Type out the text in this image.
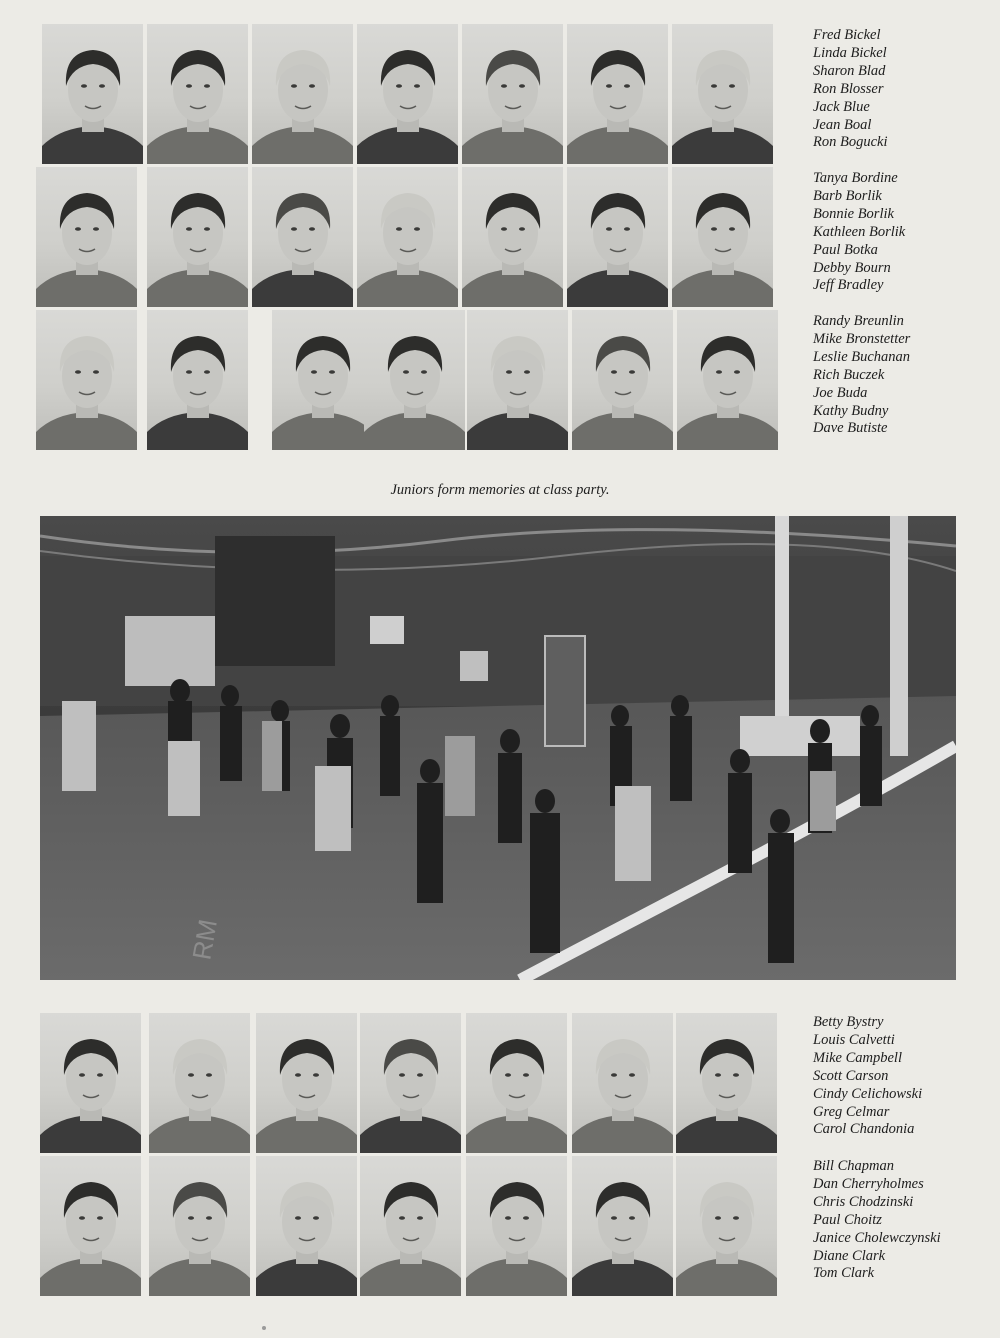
Fred Bickel
Linda Bickel
Sharon Blad
Ron Blosser
Jack Blue
Jean Boal
Ron Bogucki
Tanya Bordine
Barb Borlik
Bonnie Borlik
Kathleen Borlik
Paul Botka
Debby Bourn
Jeff Bradley
Randy Breunlin
Mike Bronstetter
Leslie Buchanan
Rich Buczek
Joe Buda
Kathy Budny
Dave Butiste
Juniors form memories at class party.
RM
Betty Bystry
Louis Calvetti
Mike Campbell
Scott Carson
Cindy Celichowski
Greg Celmar
Carol Chandonia
Bill Chapman
Dan Cherryholmes
Chris Chodzinski
Paul Choitz
Janice Cholewczynski
Diane Clark
Tom Clark
